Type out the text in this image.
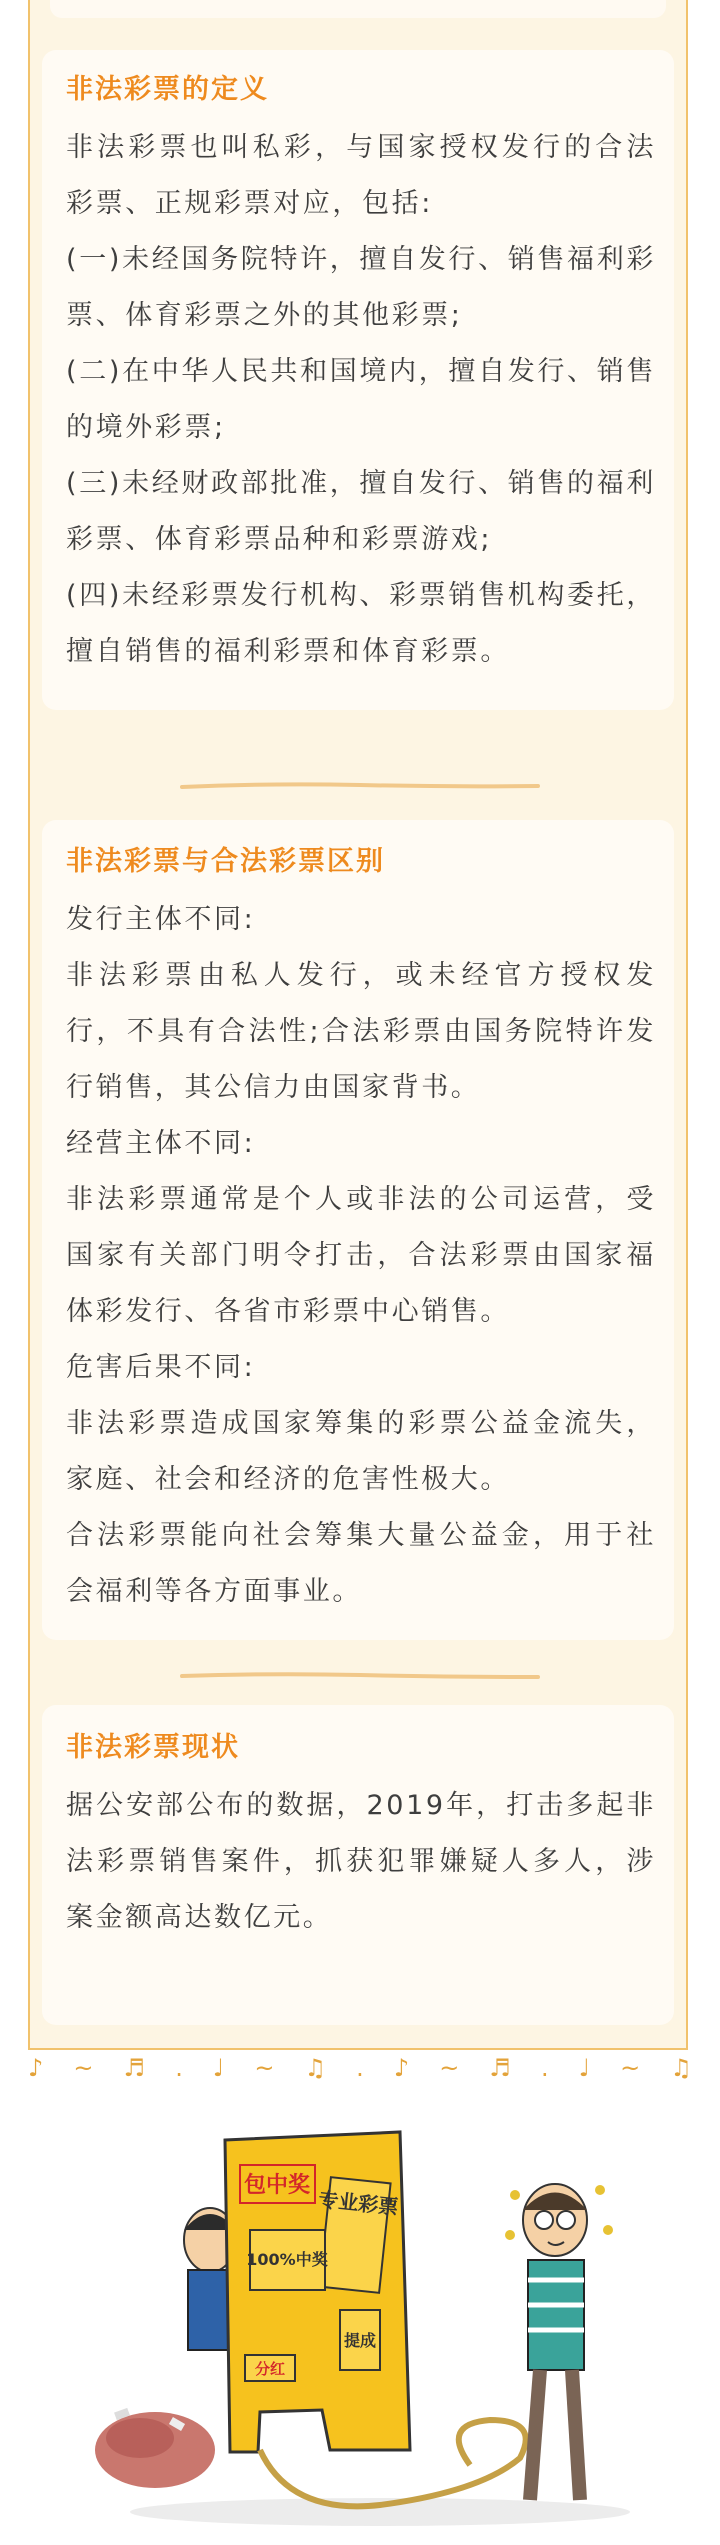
非法彩票的定义

非法彩票也叫私彩，与国家授权发行的合法彩票、正规彩票对应，包括:

(一)未经国务院特许，擅自发行、销售福利彩票、体育彩票之外的其他彩票;

(二)在中华人民共和国境内，擅自发行、销售的境外彩票;

(三)未经财政部批准，擅自发行、销售的福利彩票、体育彩票品种和彩票游戏;

(四)未经彩票发行机构、彩票销售机构委托，擅自销售的福利彩票和体育彩票。

非法彩票与合法彩票区别

发行主体不同:

非法彩票由私人发行，或未经官方授权发行，不具有合法性;合法彩票由国务院特许发行销售，其公信力由国家背书。

经营主体不同:

非法彩票通常是个人或非法的公司运营，受国家有关部门明令打击，合法彩票由国家福体彩发行、各省市彩票中心销售。

危害后果不同:

非法彩票造成国家筹集的彩票公益金流失，家庭、社会和经济的危害性极大。

合法彩票能向社会筹集大量公益金，用于社会福利等各方面事业。

非法彩票现状

据公安部公布的数据，2019年，打击多起非法彩票销售案件，抓获犯罪嫌疑人多人，涉案金额高达数亿元。

♪ ~ ♬ . ♩ ~ ♫ . ♪ ~ ♬ . ♩ ~ ♫
包中奖
专业彩票
100%中奖
提成
分红
